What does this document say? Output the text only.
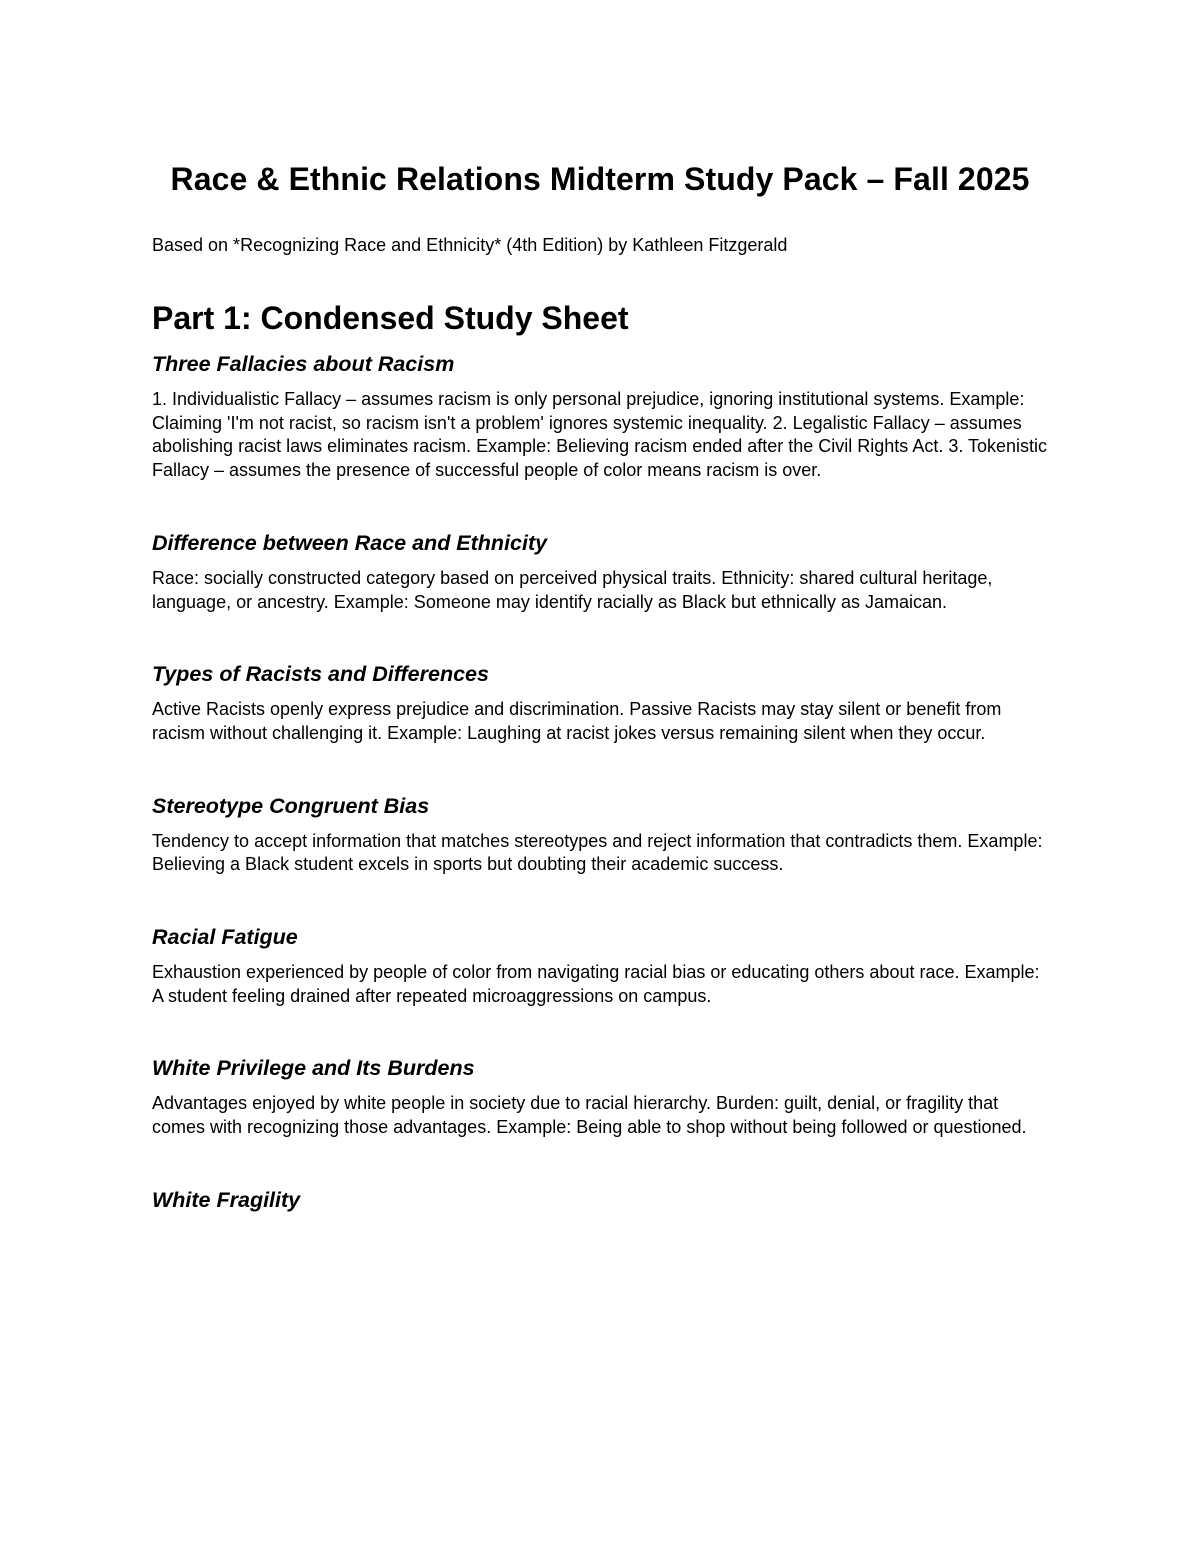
Race & Ethnic Relations Midterm Study Pack – Fall 2025

Based on *Recognizing Race and Ethnicity* (4th Edition) by Kathleen Fitzgerald

Part 1: Condensed Study Sheet
Three Fallacies about Racism

1. Individualistic Fallacy – assumes racism is only personal prejudice, ignoring institutional systems. Example: Claiming 'I'm not racist, so racism isn't a problem' ignores systemic inequality. 2. Legalistic Fallacy – assumes abolishing racist laws eliminates racism. Example: Believing racism ended after the Civil Rights Act. 3. Tokenistic Fallacy – assumes the presence of successful people of color means racism is over.

Difference between Race and Ethnicity

Race: socially constructed category based on perceived physical traits. Ethnicity: shared cultural heritage, language, or ancestry. Example: Someone may identify racially as Black but ethnically as Jamaican.

Types of Racists and Differences

Active Racists openly express prejudice and discrimination. Passive Racists may stay silent or benefit from racism without challenging it. Example: Laughing at racist jokes versus remaining silent when they occur.

Stereotype Congruent Bias

Tendency to accept information that matches stereotypes and reject information that contradicts them. Example: Believing a Black student excels in sports but doubting their academic success.

Racial Fatigue

Exhaustion experienced by people of color from navigating racial bias or educating others about race. Example: A student feeling drained after repeated microaggressions on campus.

White Privilege and Its Burdens

Advantages enjoyed by white people in society due to racial hierarchy. Burden: guilt, denial, or fragility that comes with recognizing those advantages. Example: Being able to shop without being followed or questioned.

White Fragility
